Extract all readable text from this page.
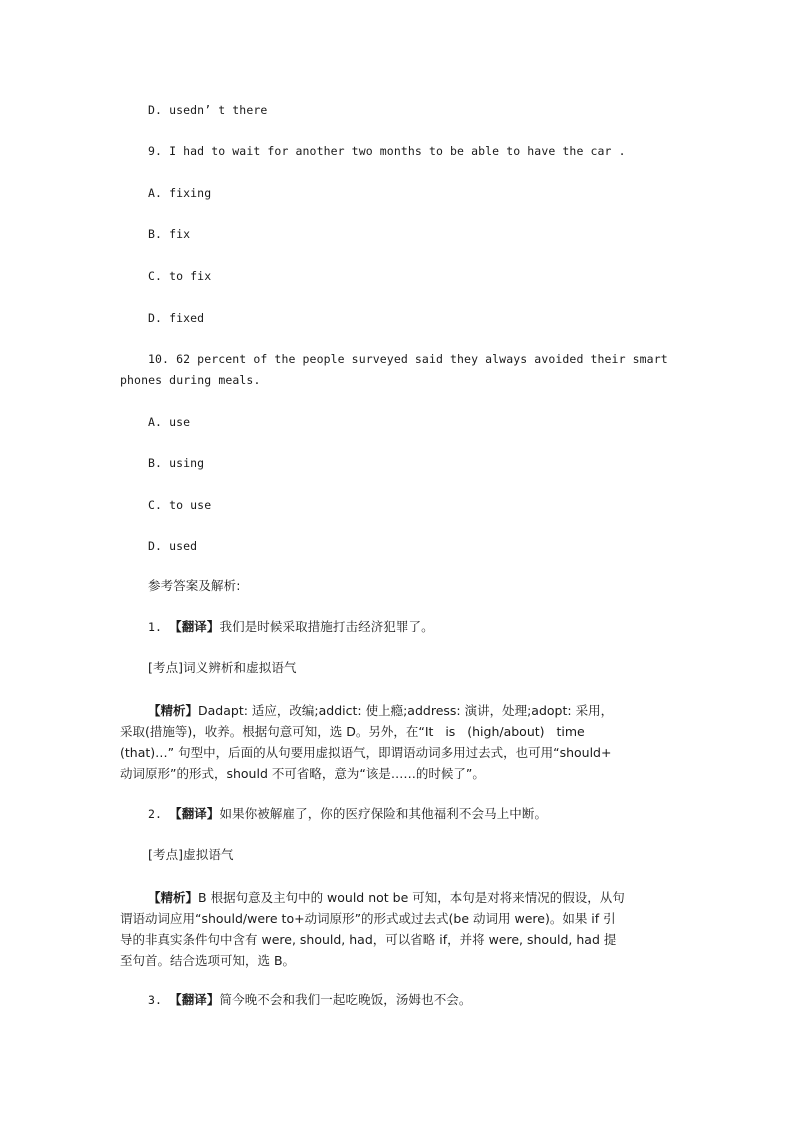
D. usedn’ t there

9. I had to wait for another two months to be able to have the car .

A. fixing

B. fix

C. to fix

D. fixed

10. 62 percent of the people surveyed said they always avoided their smart

phones during meals.

A. use

B. using

C. to use

D. used

参考答案及解析:

1. 【翻译】我们是时候采取措施打击经济犯罪了。

[考点]词义辨析和虚拟语气

【精析】Dadapt: 适应，改编;addict: 使上瘾;address: 演讲，处理;adopt: 采用，
采取(措施等)，收养。根据句意可知，选 D。另外，在“It   is   (high/about)   time
(that)…” 句型中，后面的从句要用虚拟语气，即谓语动词多用过去式，也可用“should+
动词原形”的形式，should 不可省略，意为“该是……的时候了”。

2. 【翻译】如果你被解雇了，你的医疗保险和其他福利不会马上中断。

[考点]虚拟语气

【精析】B 根据句意及主句中的 would not be 可知，本句是对将来情况的假设，从句
谓语动词应用“should/were to+动词原形”的形式或过去式(be 动词用 were)。如果 if 引
导的非真实条件句中含有 were, should, had，可以省略 if，并将 were, should, had 提
至句首。结合选项可知，选 B。

3. 【翻译】简今晚不会和我们一起吃晚饭，汤姆也不会。
